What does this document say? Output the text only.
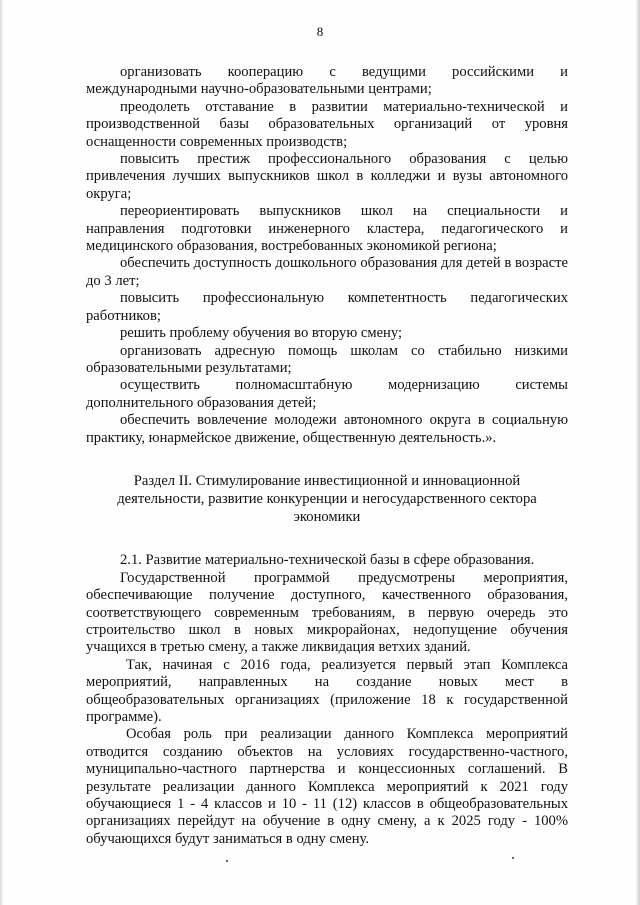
8

организовать кооперацию с ведущими российскими и международными научно-образовательными центрами;

преодолеть отставание в развитии материально-технической и производственной базы образовательных организаций от уровня оснащенности современных производств;

повысить престиж профессионального образования с целью привлечения лучших выпускников школ в колледжи и вузы автономного округа;

переориентировать выпускников школ на специальности и направления подготовки инженерного кластера, педагогического и медицинского образования, востребованных экономикой региона;

обеспечить доступность дошкольного образования для детей в возрасте до 3 лет;

повысить профессиональную компетентность педагогических работников;

решить проблему обучения во вторую смену;

организовать адресную помощь школам со стабильно низкими образовательными результатами;

осуществить полномасштабную модернизацию системы дополнительного образования детей;

обеспечить вовлечение молодежи автономного округа в социальную практику, юнармейское движение, общественную деятельность.».

Раздел II. Стимулирование инвестиционной и инновационной
деятельности, развитие конкуренции и негосударственного сектора
экономики

2.1. Развитие материально-технической базы в сфере образования.

Государственной программой предусмотрены мероприятия, обеспечивающие получение доступного, качественного образования, соответствующего современным требованиям, в первую очередь это строительство школ в новых микрорайонах, недопущение обучения учащихся в третью смену, а также ликвидация ветхих зданий.

Так, начиная с 2016 года, реализуется первый этап Комплекса мероприятий, направленных на создание новых мест в общеобразовательных организациях (приложение 18 к государственной программе).

Особая роль при реализации данного Комплекса мероприятий отводится созданию объектов на условиях государственно-частного, муниципально-частного партнерства и концессионных соглашений. В результате реализации данного Комплекса мероприятий к 2021 году обучающиеся 1 - 4 классов и 10 - 11 (12) классов в общеобразовательных организациях перейдут на обучение в одну смену, а к 2025 году - 100% обучающихся будут заниматься в одну смену.
